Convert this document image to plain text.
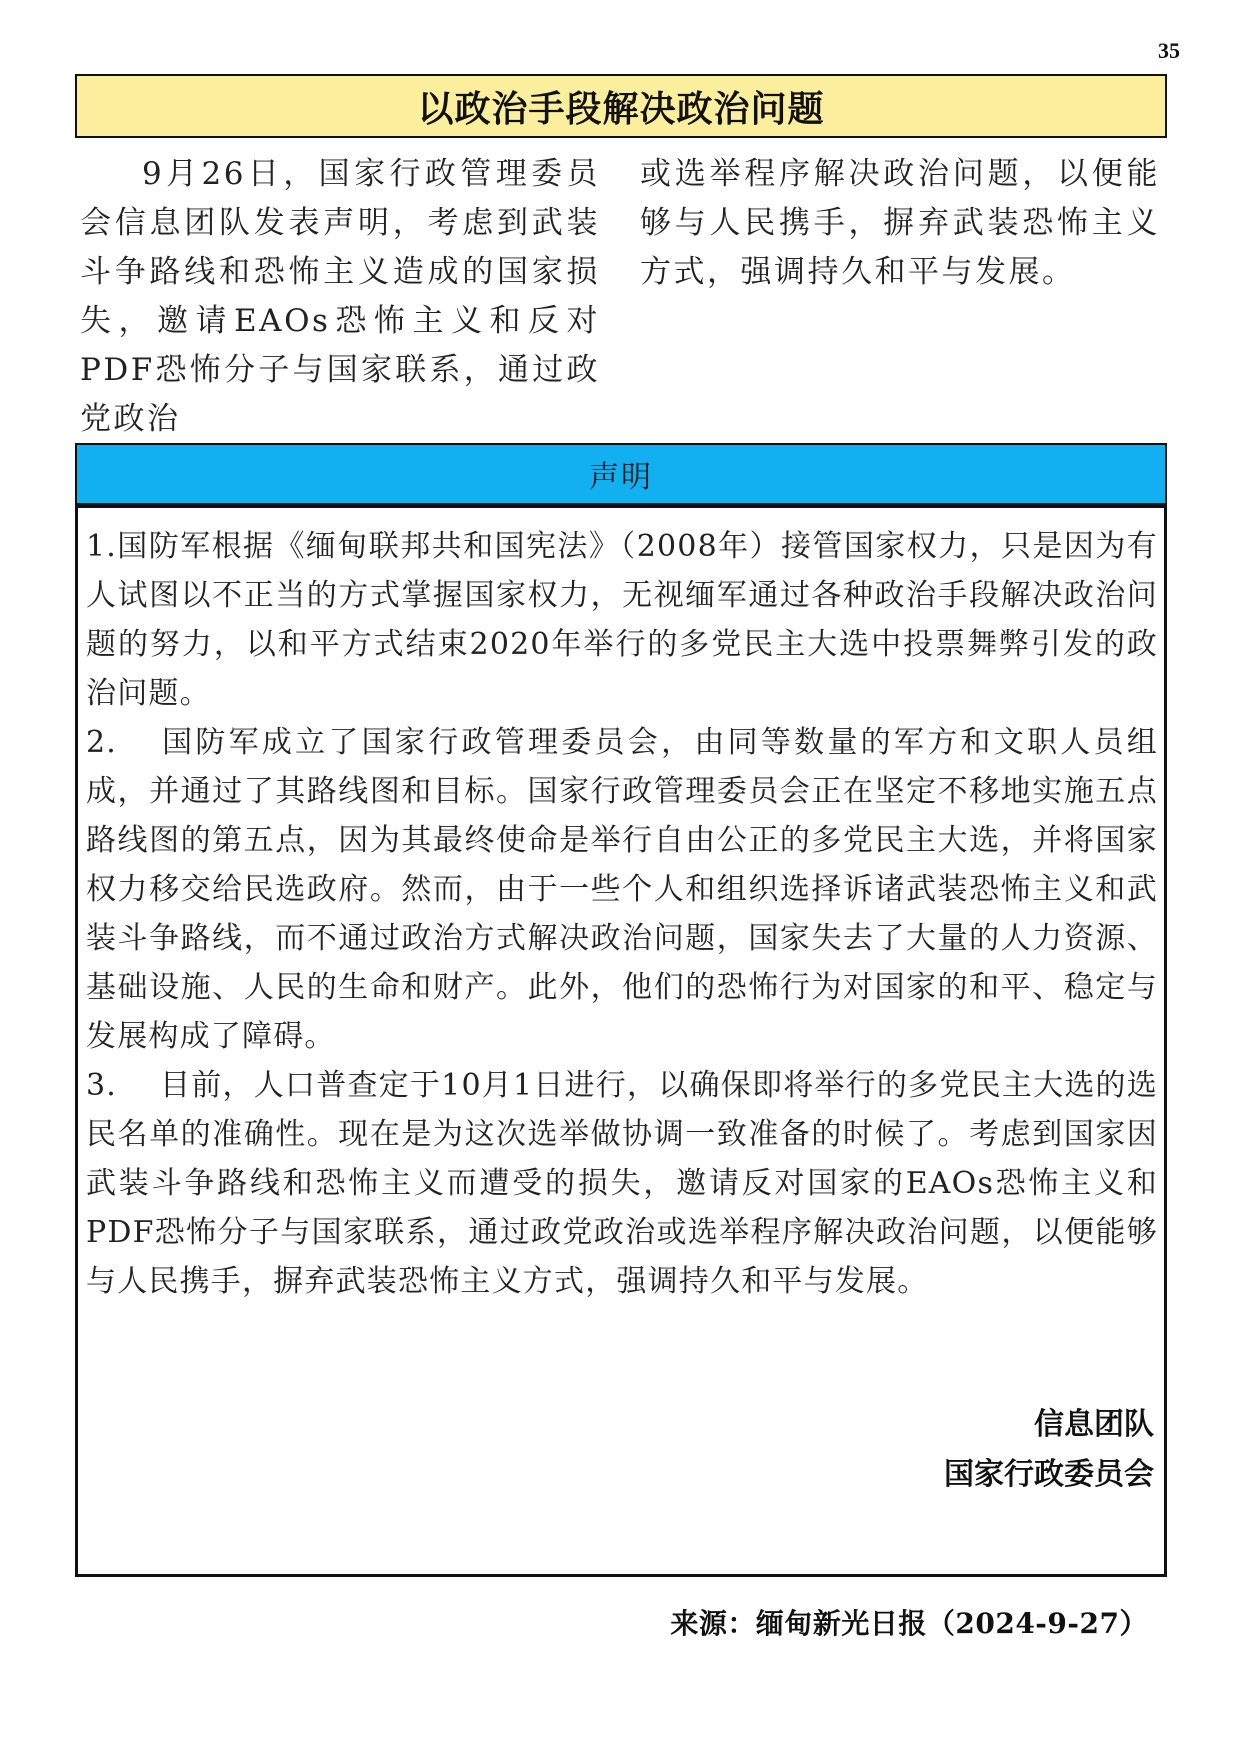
35
以政治手段解决政治问题

9月26日，国家行政管理委员会信息团队发表声明，考虑到武装斗争路线和恐怖主义造成的国家损失，邀请EAOs恐怖主义和反对PDF恐怖分子与国家联系，通过政党政治

或选举程序解决政治问题，以便能够与人民携手，摒弃武装恐怖主义方式，强调持久和平与发展。

声明

1.国防军根据《缅甸联邦共和国宪法》（2008年）接管国家权力，只是因为有人试图以不正当的方式掌握国家权力，无视缅军通过各种政治手段解决政治问题的努力，以和平方式结束2020年举行的多党民主大选中投票舞弊引发的政治问题。

2. 国防军成立了国家行政管理委员会，由同等数量的军方和文职人员组成，并通过了其路线图和目标。国家行政管理委员会正在坚定不移地实施五点路线图的第五点，因为其最终使命是举行自由公正的多党民主大选，并将国家权力移交给民选政府。然而，由于一些个人和组织选择诉诸武装恐怖主义和武装斗争路线，而不通过政治方式解决政治问题，国家失去了大量的人力资源、基础设施、人民的生命和财产。此外，他们的恐怖行为对国家的和平、稳定与发展构成了障碍。

3. 目前，人口普查定于10月1日进行，以确保即将举行的多党民主大选的选民名单的准确性。现在是为这次选举做协调一致准备的时候了。考虑到国家因武装斗争路线和恐怖主义而遭受的损失，邀请反对国家的EAOs恐怖主义和PDF恐怖分子与国家联系，通过政党政治或选举程序解决政治问题，以便能够与人民携手，摒弃武装恐怖主义方式，强调持久和平与发展。

信息团队
国家行政委员会
来源：缅甸新光日报（2024-9-27）
